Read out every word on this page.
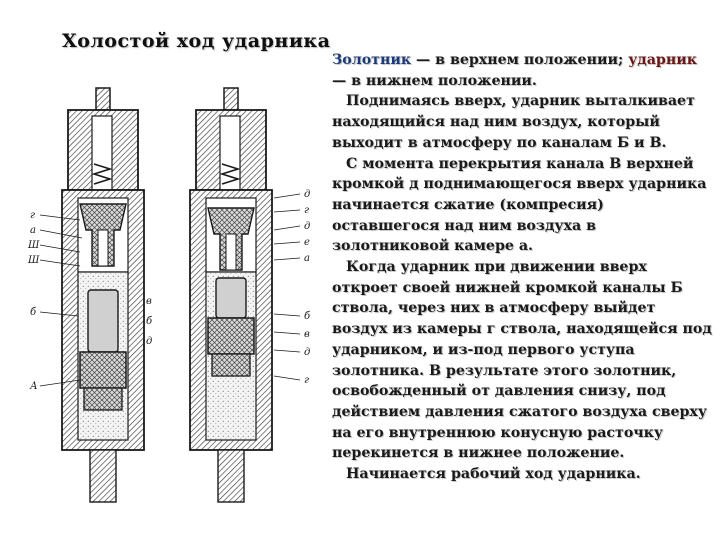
Холостой ход ударника
г
а
Ш
Ш
б
А
в
б
д
д
г
д
е
а
б
в
д
г
Золотник — в верхнем положении; ударник
— в нижнем положении.
Поднимаясь вверх, ударник выталкивает
находящийся над ним воздух, который
выходит в атмосферу по каналам Б и В.
С момента перекрытия канала В верхней
кромкой д поднимающегося вверх ударника
начинается сжатие (компресия)
оставшегося над ним воздуха в
золотниковой камере а.
Когда ударник при движении вверх
откроет своей нижней кромкой каналы Б
ствола, через них в атмосферу выйдет
воздух из камеры г ствола, находящейся под
ударником, и из-под первого уступа
золотника. В результате этого золотник,
освобожденный от давления снизу, под
действием давления сжатого воздуха сверху
на его внутреннюю конусную расточку
перекинется в нижнее положение.
Начинается рабочий ход ударника.
